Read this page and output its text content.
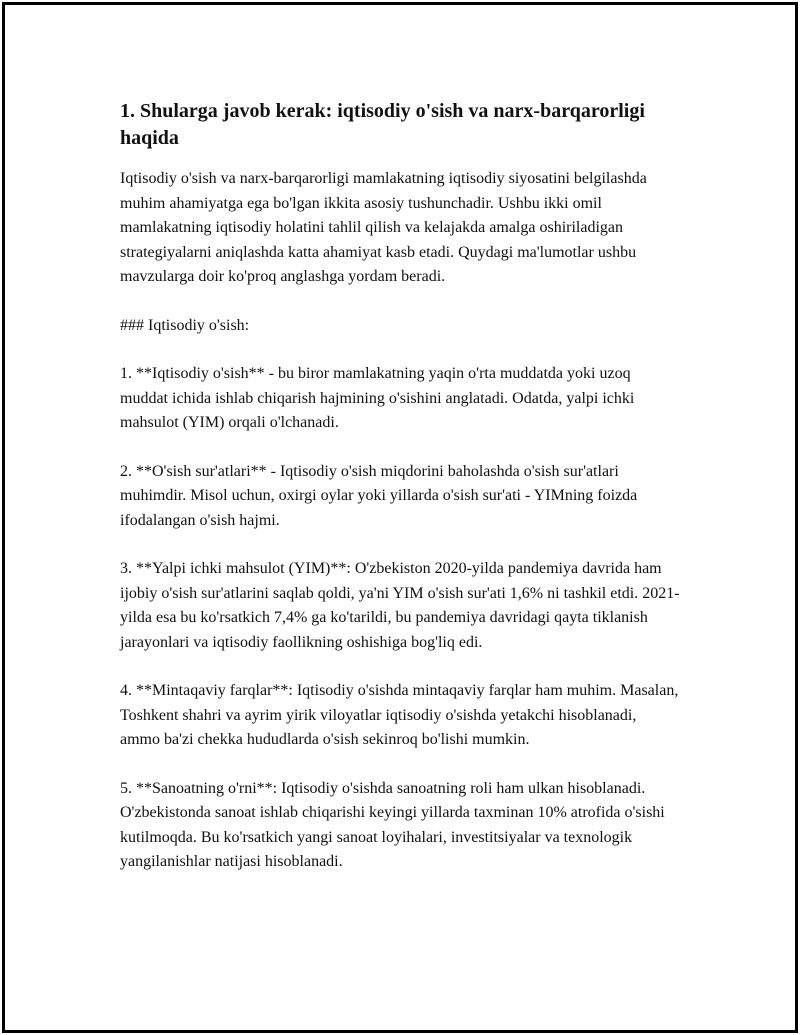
1. Shularga javob kerak: iqtisodiy o'sish va narx-barqarorligi haqida

Iqtisodiy o'sish va narx-barqarorligi mamlakatning iqtisodiy siyosatini belgilashda muhim ahamiyatga ega bo'lgan ikkita asosiy tushunchadir. Ushbu ikki omil mamlakatning iqtisodiy holatini tahlil qilish va kelajakda amalga oshiriladigan strategiyalarni aniqlashda katta ahamiyat kasb etadi. Quydagi ma'lumotlar ushbu mavzularga doir ko'proq anglashga yordam beradi.

### Iqtisodiy o'sish:

1. **Iqtisodiy o'sish** - bu biror mamlakatning yaqin o'rta muddatda yoki uzoq muddat ichida ishlab chiqarish hajmining o'sishini anglatadi. Odatda, yalpi ichki mahsulot (YIM) orqali o'lchanadi.

2. **O'sish sur'atlari** - Iqtisodiy o'sish miqdorini baholashda o'sish sur'atlari muhimdir. Misol uchun, oxirgi oylar yoki yillarda o'sish sur'ati - YIMning foizda ifodalangan o'sish hajmi.

3. **Yalpi ichki mahsulot (YIM)**: O'zbekiston 2020-yilda pandemiya davrida ham ijobiy o'sish sur'atlarini saqlab qoldi, ya'ni YIM o'sish sur'ati 1,6% ni tashkil etdi. 2021-yilda esa bu ko'rsatkich 7,4% ga ko'tarildi, bu pandemiya davridagi qayta tiklanish jarayonlari va iqtisodiy faollikning oshishiga bog'liq edi.

4. **Mintaqaviy farqlar**: Iqtisodiy o'sishda mintaqaviy farqlar ham muhim. Masalan, Toshkent shahri va ayrim yirik viloyatlar iqtisodiy o'sishda yetakchi hisoblanadi, ammo ba'zi chekka hududlarda o'sish sekinroq bo'lishi mumkin.

5. **Sanoatning o'rni**: Iqtisodiy o'sishda sanoatning roli ham ulkan hisoblanadi. O'zbekistonda sanoat ishlab chiqarishi keyingi yillarda taxminan 10% atrofida o'sishi kutilmoqda. Bu ko'rsatkich yangi sanoat loyihalari, investitsiyalar va texnologik yangilanishlar natijasi hisoblanadi.
